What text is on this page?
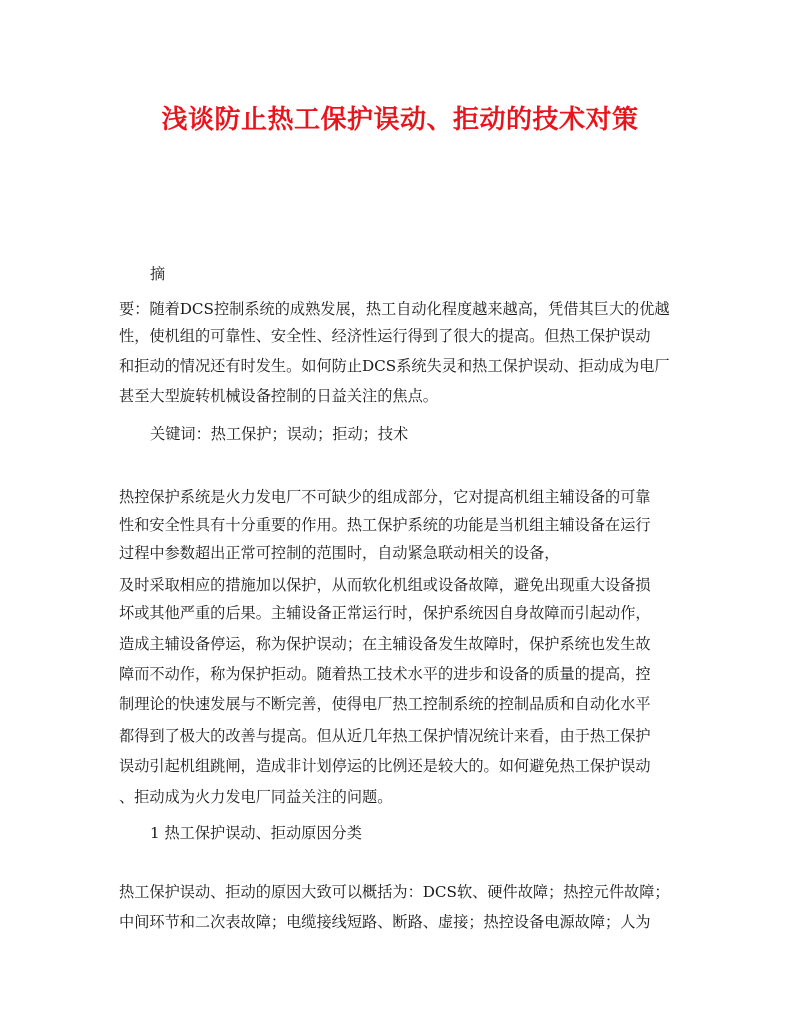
浅谈防止热工保护误动、拒动的技术对策
摘
要：随着DCS控制系统的成熟发展，热工自动化程度越来越高，凭借其巨大的优越
性，使机组的可靠性、安全性、经济性运行得到了很大的提高。但热工保护误动
和拒动的情况还有时发生。如何防止DCS系统失灵和热工保护误动、拒动成为电厂
甚至大型旋转机械设备控制的日益关注的焦点。
关键词：热工保护；误动；拒动；技术
热控保护系统是火力发电厂不可缺少的组成部分，它对提高机组主辅设备的可靠
性和安全性具有十分重要的作用。热工保护系统的功能是当机组主辅设备在运行
过程中参数超出正常可控制的范围时，自动紧急联动相关的设备，
及时采取相应的措施加以保护，从而软化机组或设备故障，避免出现重大设备损
坏或其他严重的后果。主辅设备正常运行时，保护系统因自身故障而引起动作，
造成主辅设备停运，称为保护误动；在主辅设备发生故障时，保护系统也发生故
障而不动作，称为保护拒动。随着热工技术水平的进步和设备的质量的提高，控
制理论的快速发展与不断完善，使得电厂热工控制系统的控制品质和自动化水平
都得到了极大的改善与提高。但从近几年热工保护情况统计来看，由于热工保护
误动引起机组跳闸，造成非计划停运的比例还是较大的。如何避免热工保护误动
、拒动成为火力发电厂同益关注的问题。
1 热工保护误动、拒动原因分类
热工保护误动、拒动的原因大致可以概括为：DCS软、硬件故障；热控元件故障；
中间环节和二次表故障；电缆接线短路、断路、虚接；热控设备电源故障；人为
